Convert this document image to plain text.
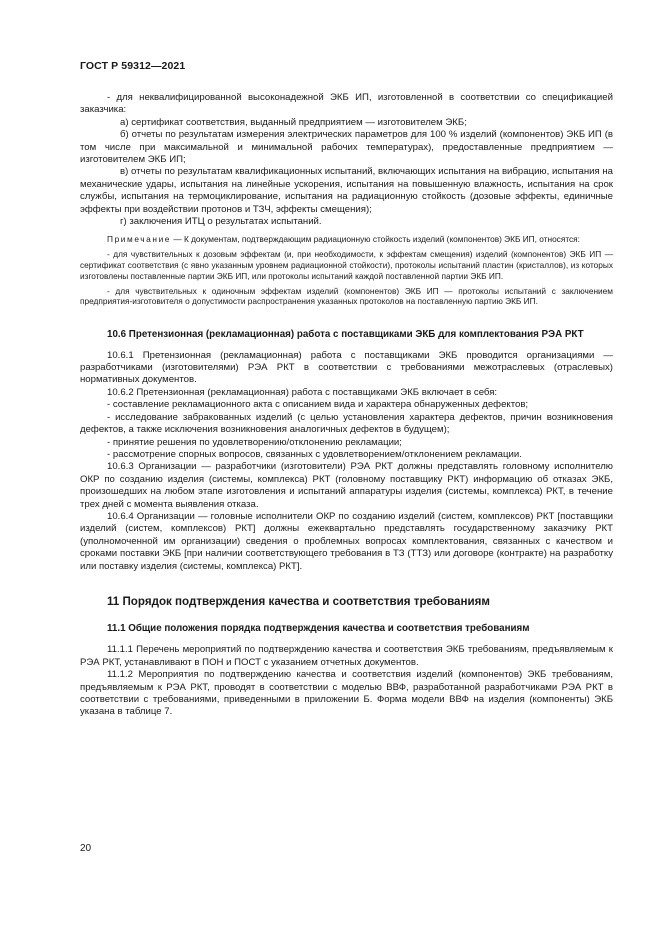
ГОСТ Р 59312—2021

- для неквалифицированной высоконадежной ЭКБ ИП, изготовленной в соответствии со спецификацией заказчика:

а) сертификат соответствия, выданный предприятием — изготовителем ЭКБ;

б) отчеты по результатам измерения электрических параметров для 100 % изделий (компонентов) ЭКБ ИП (в том числе при максимальной и минимальной рабочих температурах), предоставленные предприятием — изготовителем ЭКБ ИП;

в) отчеты по результатам квалификационных испытаний, включающих испытания на вибрацию, испытания на механические удары, испытания на линейные ускорения, испытания на повышенную влажность, испытания на срок службы, испытания на термоциклирование, испытания на радиационную стойкость (дозовые эффекты, единичные эффекты при воздействии протонов и ТЗЧ, эффекты смещения);

г) заключения ИТЦ о результатах испытаний.

Примечание — К документам, подтверждающим радиационную стойкость изделий (компонентов) ЭКБ ИП, относятся:

- для чувствительных к дозовым эффектам (и, при необходимости, к эффектам смещения) изделий (компонентов) ЭКБ ИП — сертификат соответствия (с явно указанным уровнем радиационной стойкости), протоколы испытаний пластин (кристаллов), из которых изготовлены поставленные партии ЭКБ ИП, или протоколы испытаний каждой поставленной партии ЭКБ ИП.

- для чувствительных к одиночным эффектам изделий (компонентов) ЭКБ ИП — протоколы испытаний с заключением предприятия-изготовителя о допустимости распространения указанных протоколов на поставленную партию ЭКБ ИП.

10.6 Претензионная (рекламационная) работа с поставщиками ЭКБ для комплектования РЭА РКТ

10.6.1 Претензионная (рекламационная) работа с поставщиками ЭКБ проводится организациями — разработчиками (изготовителями) РЭА РКТ в соответствии с требованиями межотраслевых (отраслевых) нормативных документов.

10.6.2 Претензионная (рекламационная) работа с поставщиками ЭКБ включает в себя:

- составление рекламационного акта с описанием вида и характера обнаруженных дефектов;

- исследование забракованных изделий (с целью установления характера дефектов, причин возникновения дефектов, а также исключения возникновения аналогичных дефектов в будущем);

- принятие решения по удовлетворению/отклонению рекламации;

- рассмотрение спорных вопросов, связанных с удовлетворением/отклонением рекламации.

10.6.3 Организации — разработчики (изготовители) РЭА РКТ должны представлять головному исполнителю ОКР по созданию изделия (системы, комплекса) РКТ (головному поставщику РКТ) информацию об отказах ЭКБ, произошедших на любом этапе изготовления и испытаний аппаратуры изделия (системы, комплекса) РКТ, в течение трех дней с момента выявления отказа.

10.6.4 Организации — головные исполнители ОКР по созданию изделий (систем, комплексов) РКТ [поставщики изделий (систем, комплексов) РКТ] должны ежеквартально представлять государственному заказчику РКТ (уполномоченной им организации) сведения о проблемных вопросах комплектования, связанных с качеством и сроками поставки ЭКБ [при наличии соответствующего требования в ТЗ (ТТЗ) или договоре (контракте) на разработку или поставку изделия (системы, комплекса) РКТ].

11 Порядок подтверждения качества и соответствия требованиям

11.1 Общие положения порядка подтверждения качества и соответствия требованиям

11.1.1 Перечень мероприятий по подтверждению качества и соответствия ЭКБ требованиям, предъявляемым к РЭА РКТ, устанавливают в ПОН и ПОСТ с указанием отчетных документов.

11.1.2 Мероприятия по подтверждению качества и соответствия изделий (компонентов) ЭКБ требованиям, предъявляемым к РЭА РКТ, проводят в соответствии с моделью ВВФ, разработанной разработчиками РЭА РКТ в соответствии с требованиями, приведенными в приложении Б. Форма модели ВВФ на изделия (компоненты) ЭКБ указана в таблице 7.

20
